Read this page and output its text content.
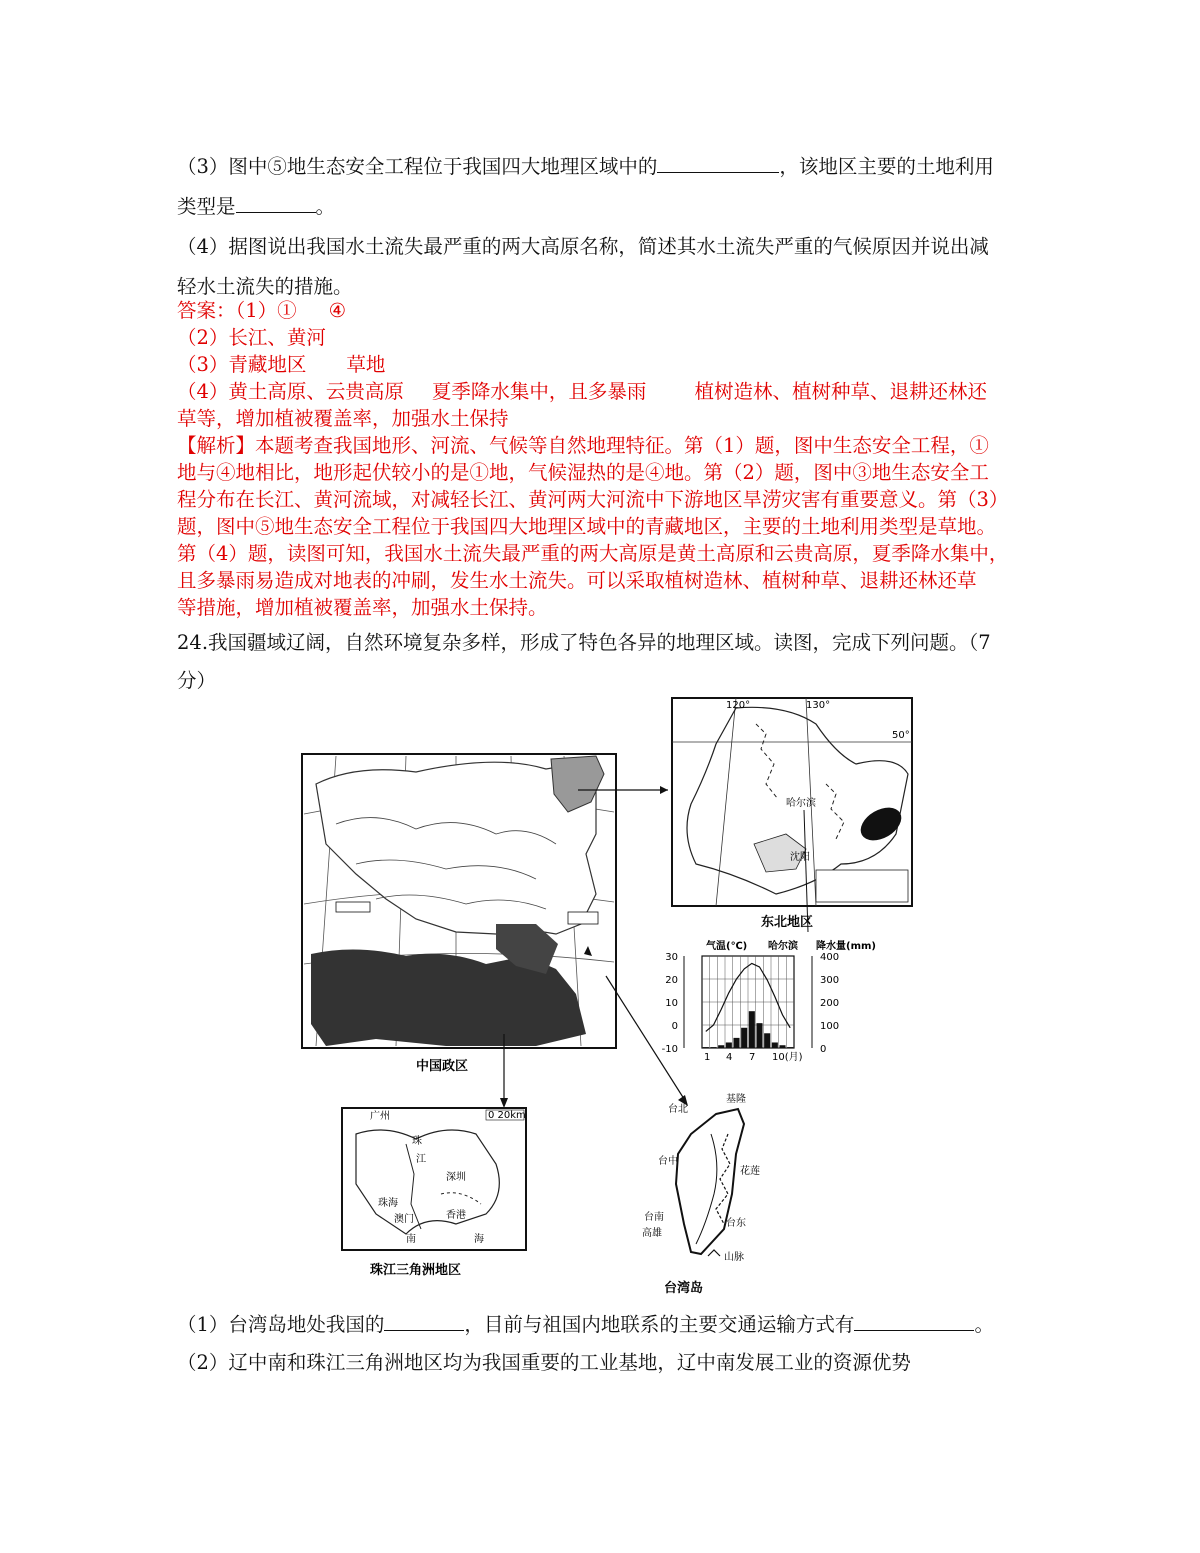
（3）图中⑤地生态安全工程位于我国四大地理区域中的	，该地区主要的土地利用
类型是	。
（4）据图说出我国水土流失最严重的两大高原名称，简述其水土流失严重的气候原因并说出减
轻水土流失的措施。
答案：（1）① ④
（2）长江、黄河
（3）青藏地区 草地
（4）黄土高原、云贵高原 夏季降水集中，且多暴雨 植树造林、植树种草、退耕还林还
草等，增加植被覆盖率，加强水土保持
【解析】本题考查我国地形、河流、气候等自然地理特征。第（1）题，图中生态安全工程，①
地与④地相比，地形起伏较小的是①地，气候湿热的是④地。第（2）题，图中③地生态安全工
程分布在长江、黄河流域，对减轻长江、黄河两大河流中下游地区旱涝灾害有重要意义。第（3）
题，图中⑤地生态安全工程位于我国四大地理区域中的青藏地区，主要的土地利用类型是草地。
第（4）题，读图可知，我国水土流失最严重的两大高原是黄土高原和云贵高原，夏季降水集中，
且多暴雨易造成对地表的冲刷，发生水土流失。可以采取植树造林、植树种草、退耕还林还草
等措施，增加植被覆盖率，加强水土保持。
24.我国疆域辽阔，自然环境复杂多样，形成了特色各异的地理区域。读图，完成下列问题。（7
分）
中国政区
120°	130°
50°
哈尔滨
沈阳
东北地区
气温(℃) 哈尔滨 降水量(mm)
30
20
10
0
-10
400
300
200
100
0
1 4 7 10(月)
广州	0 20km
珠
江
深圳
珠海
澳门	香港
南	海
珠江三角洲地区
台北
基隆
台中
花莲
台南
高雄
台东
山脉
台湾岛
（1）台湾岛地处我国的	，目前与祖国内地联系的主要交通运输方式有	。
（2）辽中南和珠江三角洲地区均为我国重要的工业基地，辽中南发展工业的资源优势
